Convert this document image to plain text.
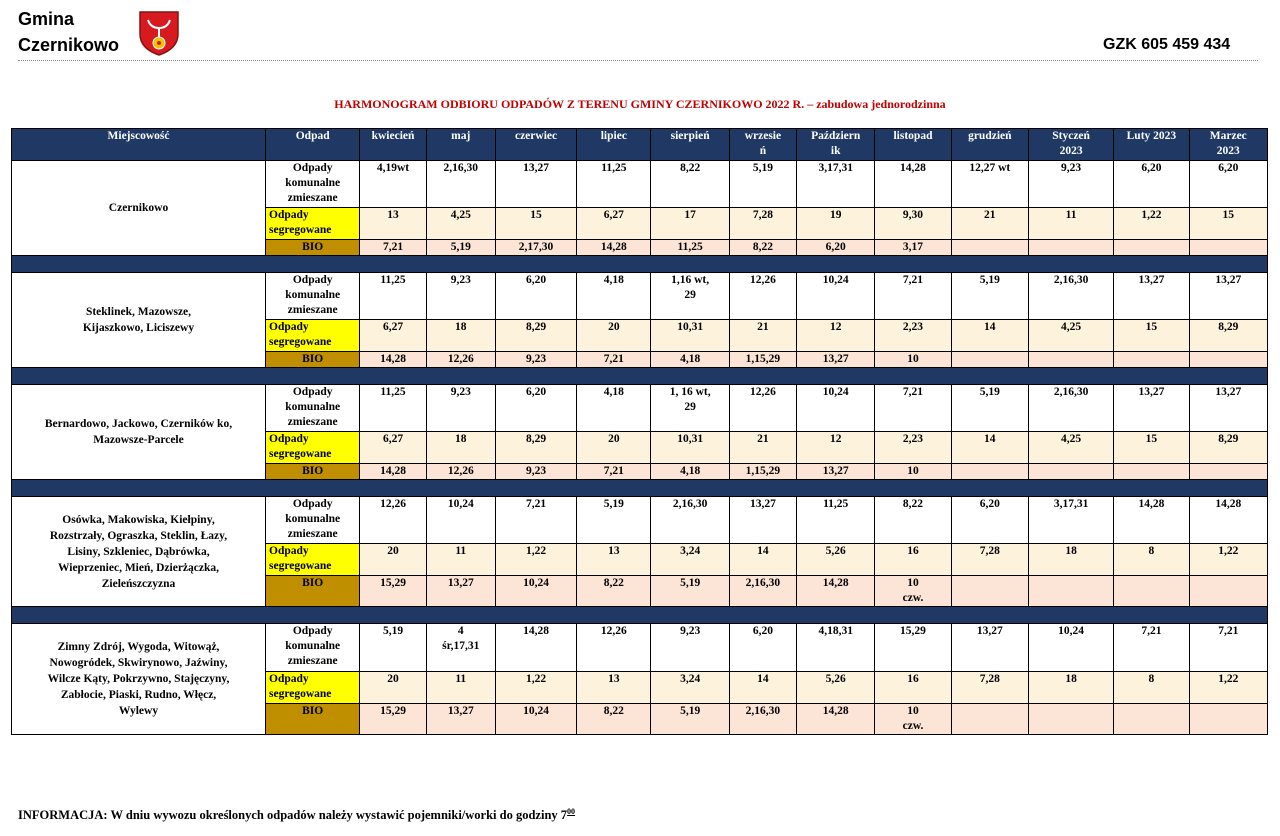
Gmina
Czernikowo	GZK 605 459 434
HARMONOGRAM ODBIORU ODPADÓW Z TERENU GMINY CZERNIKOWO 2022 R. – zabudowa jednorodzinna
Miejscowość	Odpad	kwiecień	maj	czerwiec	lipiec	sierpień	wrzesie
ń	Październ
ik	listopad	grudzień	Styczeń
2023	Luty 2023	Marzec
2023
Czernikowo	Odpady
komunalne
zmieszane	4,19wt	2,16,30	13,27	11,25	8,22	5,19	3,17,31	14,28	12,27 wt	9,23	6,20	6,20
	Odpady
segregowane	13	4,25	15	6,27	17	7,28	19	9,30	21	11	1,22	15
	BIO	7,21	5,19	2,17,30	14,28	11,25	8,22	6,20	3,17				

Steklinek, Mazowsze,
Kijaszkowo, Liciszewy	Odpady
komunalne
zmieszane	11,25	9,23	6,20	4,18	1,16 wt,
29	12,26	10,24	7,21	5,19	2,16,30	13,27	13,27
	Odpady
segregowane	6,27	18	8,29	20	10,31	21	12	2,23	14	4,25	15	8,29
	BIO	14,28	12,26	9,23	7,21	4,18	1,15,29	13,27	10				

Bernardowo, Jackowo, Czerników ko,
Mazowsze-Parcele	Odpady
komunalne
zmieszane	11,25	9,23	6,20	4,18	1, 16 wt,
29	12,26	10,24	7,21	5,19	2,16,30	13,27	13,27
	Odpady
segregowane	6,27	18	8,29	20	10,31	21	12	2,23	14	4,25	15	8,29
	BIO	14,28	12,26	9,23	7,21	4,18	1,15,29	13,27	10				

Osówka, Makowiska, Kiełpiny,
Rozstrzały, Ograszka, Steklin, Łazy,
Lisiny, Szkleniec, Dąbrówka,
Wieprzeniec, Mień, Dzierżączka,
Zieleńszczyzna	Odpady
komunalne
zmieszane	12,26	10,24	7,21	5,19	2,16,30	13,27	11,25	8,22	6,20	3,17,31	14,28	14,28
	Odpady
segregowane	20	11	1,22	13	3,24	14	5,26	16	7,28	18	8	1,22
	BIO	15,29	13,27	10,24	8,22	5,19	2,16,30	14,28	10
czw.				

Zimny Zdrój, Wygoda, Witowąż,
Nowogródek, Skwirynowo, Jaźwiny,
Wilcze Kąty, Pokrzywno, Stajęczyny,
Zabłocie, Piaski, Rudno, Włęcz,
Wylewy	Odpady
komunalne
zmieszane	5,19	4
śr,17,31	14,28	12,26	9,23	6,20	4,18,31	15,29	13,27	10,24	7,21	7,21
	Odpady
segregowane	20	11	1,22	13	3,24	14	5,26	16	7,28	18	8	1,22
	BIO	15,29	13,27	10,24	8,22	5,19	2,16,30	14,28	10
czw.				
INFORMACJA: W dniu wywozu określonych odpadów należy wystawić pojemniki/worki do godziny $7^{00}$
